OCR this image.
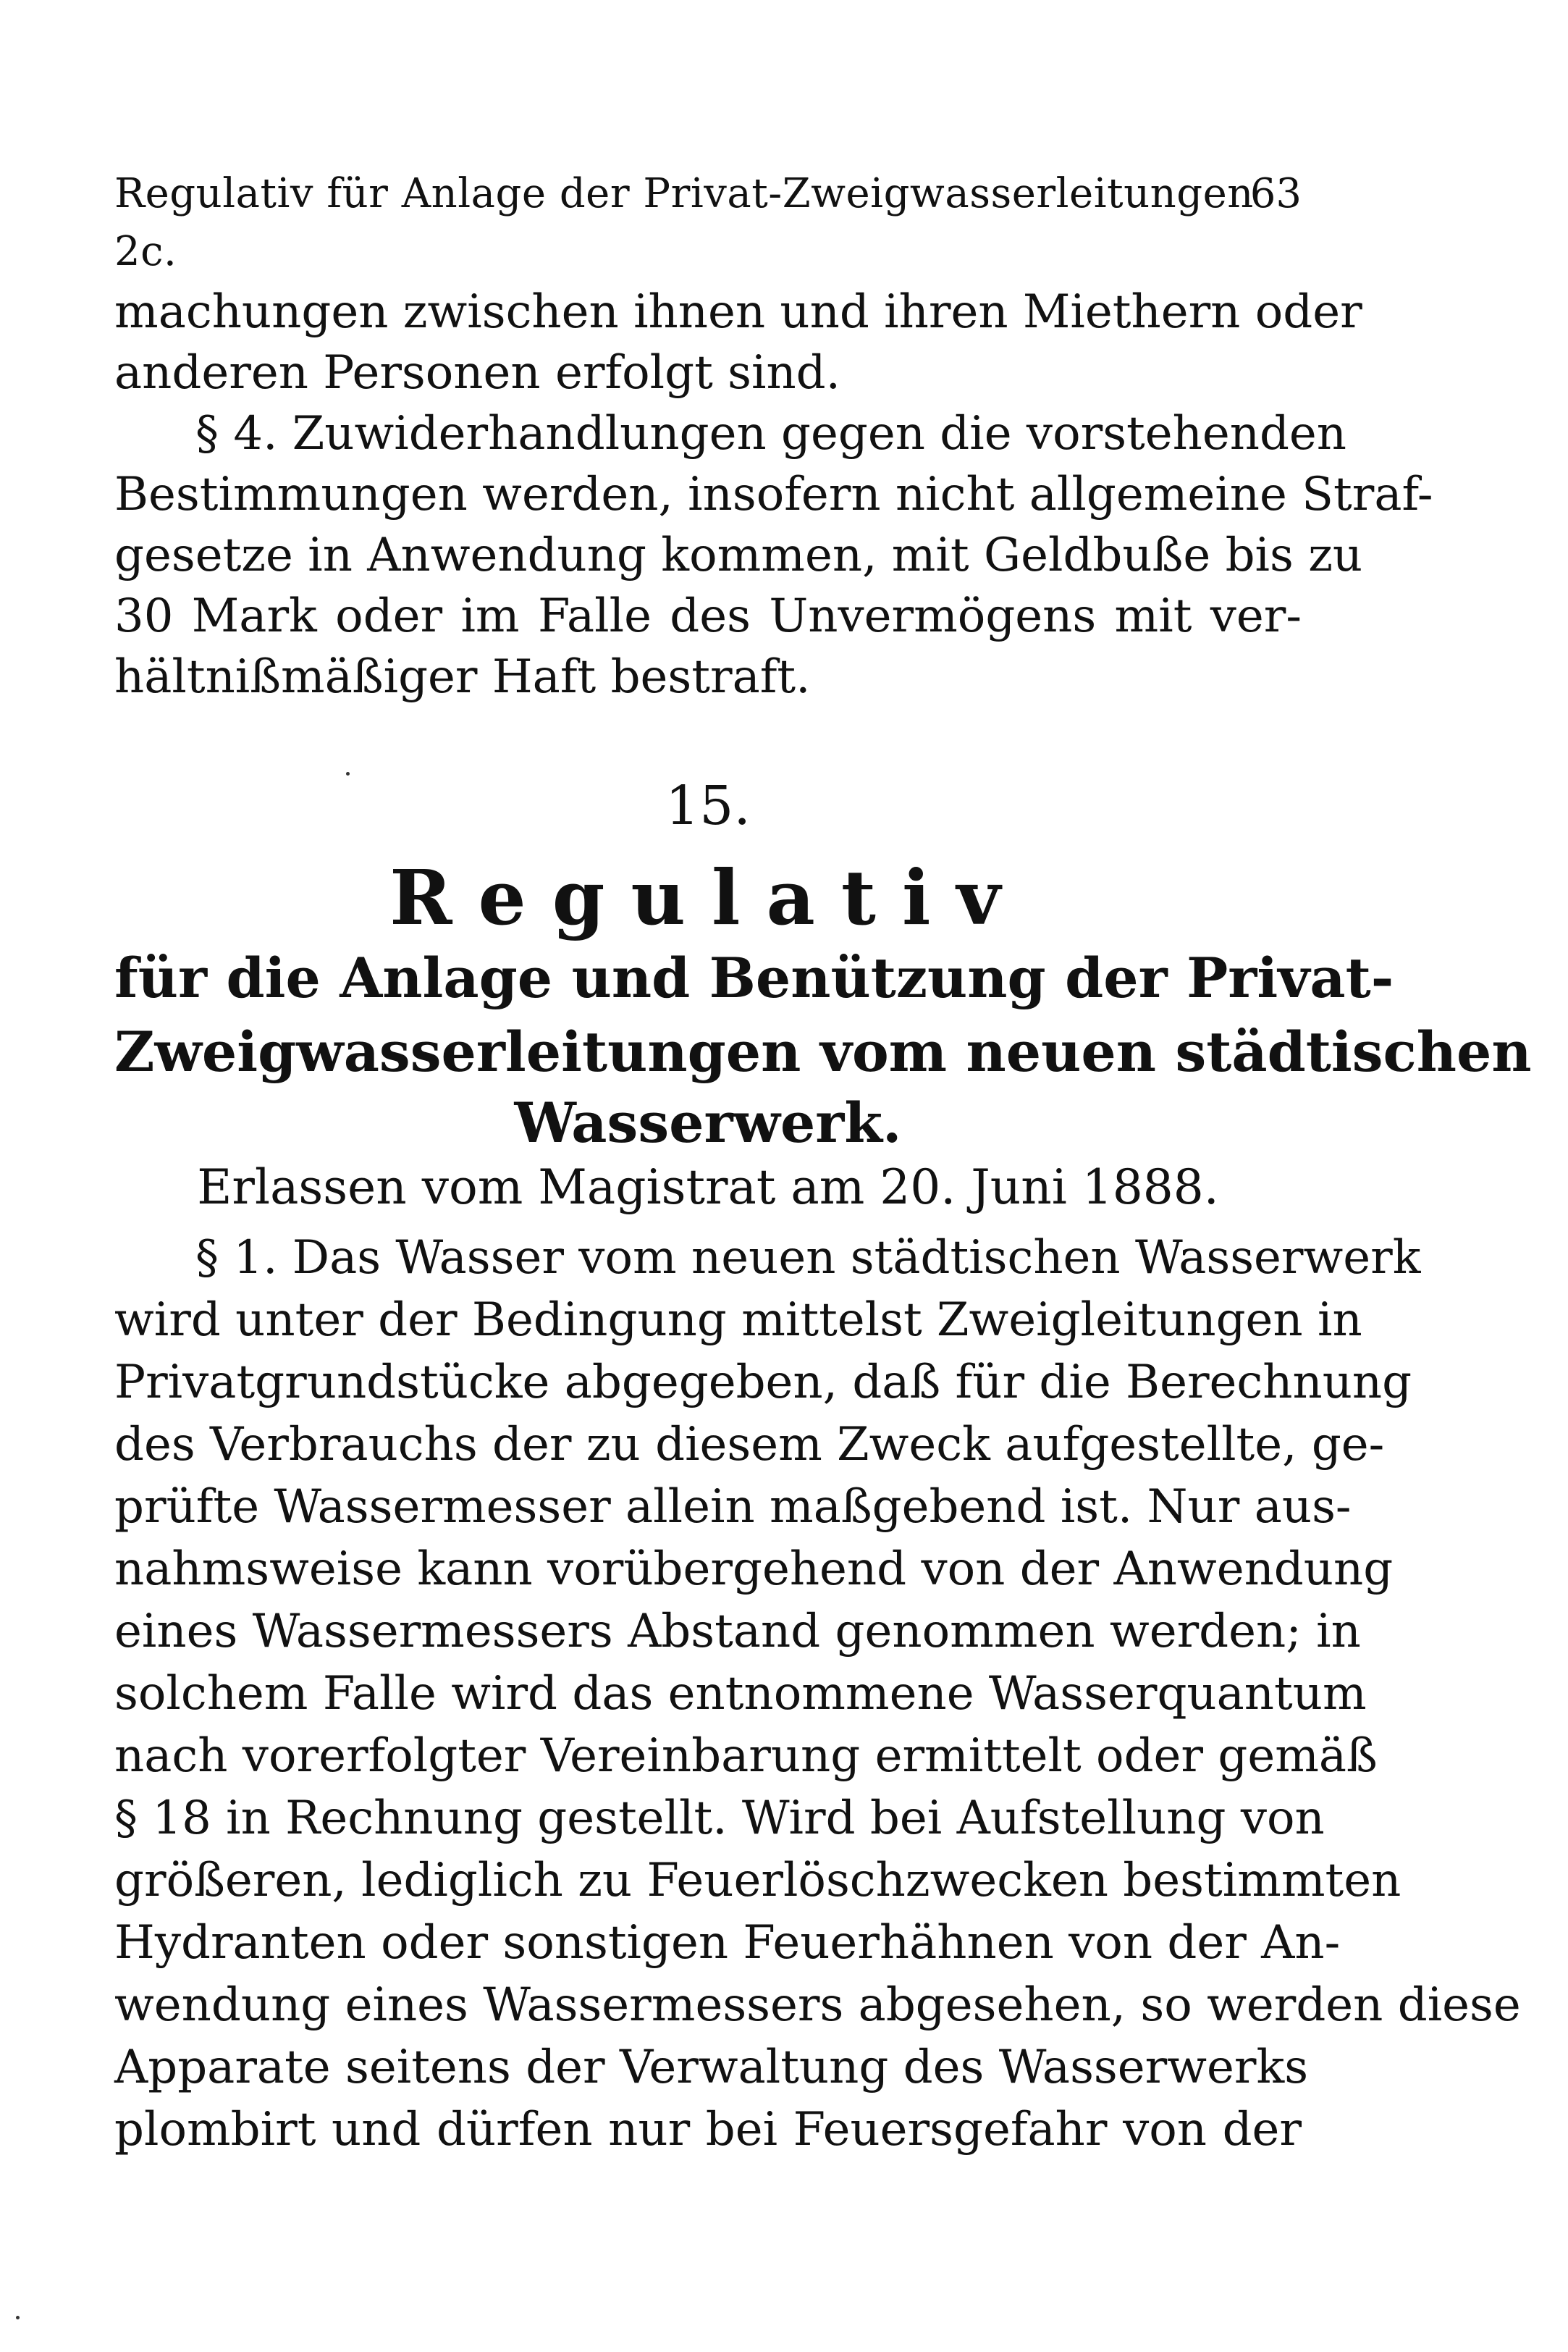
Regulativ für Anlage der Privat-Zweigwasserleitungen 2c.
63
machungen zwischen ihnen und ihren Miethern oder
anderen Personen erfolgt sind.
§ 4. Zuwiderhandlungen gegen die vorstehenden
Bestimmungen werden, insofern nicht allgemeine Straf-
gesetze in Anwendung kommen, mit Geldbuße bis zu
30 Mark oder im Falle des Unvermögens mit ver-
hältnißmäßiger Haft bestraft.
15.
Regulativ
für die Anlage und Benützung der Privat-
Zweigwasserleitungen vom neuen städtischen
Wasserwerk.
Erlassen vom Magistrat am 20. Juni 1888.
§ 1. Das Wasser vom neuen städtischen Wasserwerk
wird unter der Bedingung mittelst Zweigleitungen in
Privatgrundstücke abgegeben, daß für die Berechnung
des Verbrauchs der zu diesem Zweck aufgestellte, ge-
prüfte Wassermesser allein maßgebend ist. Nur aus-
nahmsweise kann vorübergehend von der Anwendung
eines Wassermessers Abstand genommen werden; in
solchem Falle wird das entnommene Wasserquantum
nach vorerfolgter Vereinbarung ermittelt oder gemäß
§ 18 in Rechnung gestellt. Wird bei Aufstellung von
größeren, lediglich zu Feuerlöschzwecken bestimmten
Hydranten oder sonstigen Feuerhähnen von der An-
wendung eines Wassermessers abgesehen, so werden diese
Apparate seitens der Verwaltung des Wasserwerks
plombirt und dürfen nur bei Feuersgefahr von der
